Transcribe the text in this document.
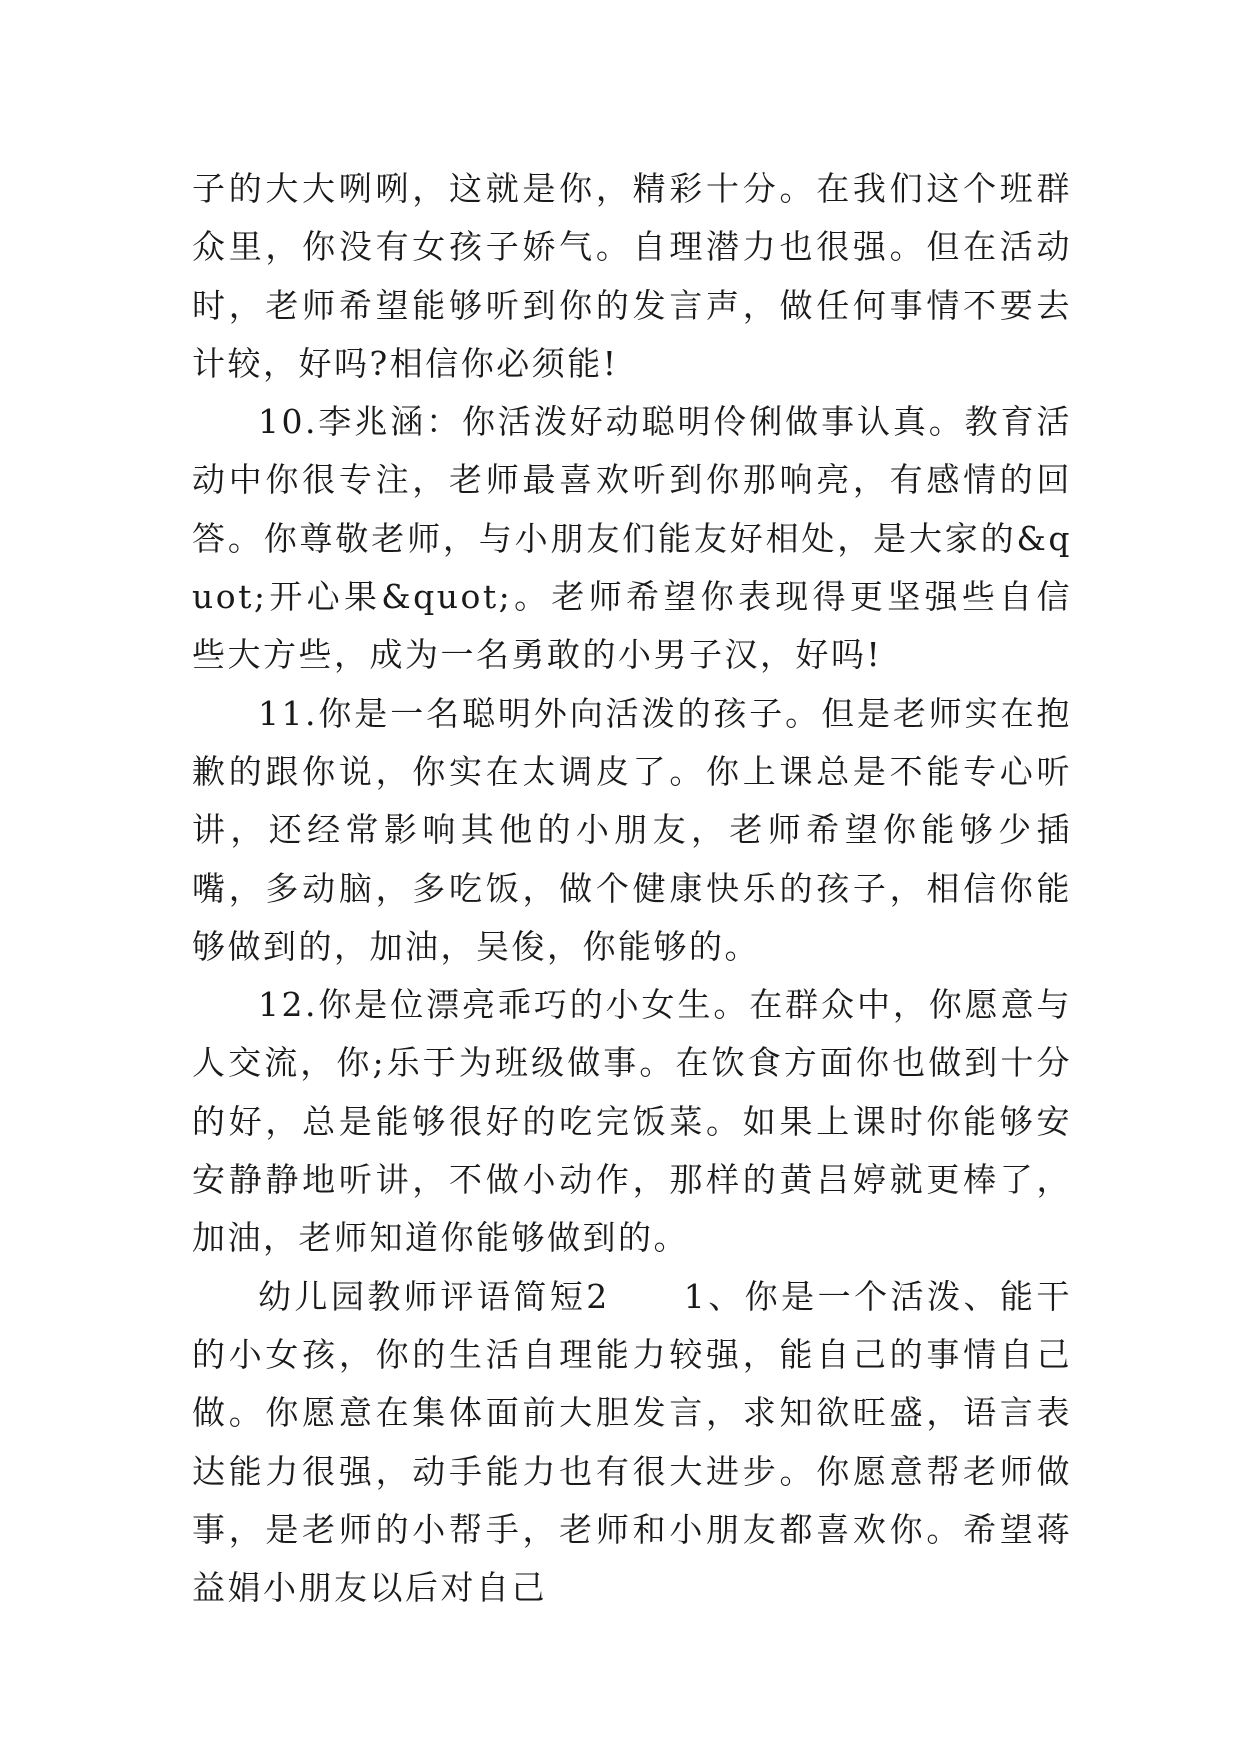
子的大大咧咧，这就是你，精彩十分。在我们这个班群众里，你没有女孩子娇气。自理潜力也很强。但在活动时，老师希望能够听到你的发言声，做任何事情不要去计较，好吗?相信你必须能!

10.李兆涵：你活泼好动聪明伶俐做事认真。教育活动中你很专注，老师最喜欢听到你那响亮，有感情的回答。你尊敬老师，与小朋友们能友好相处，是大家的&quot;开心果&quot;。老师希望你表现得更坚强些自信些大方些，成为一名勇敢的小男子汉，好吗!

11.你是一名聪明外向活泼的孩子。但是老师实在抱歉的跟你说，你实在太调皮了。你上课总是不能专心听讲，还经常影响其他的小朋友，老师希望你能够少插嘴，多动脑，多吃饭，做个健康快乐的孩子，相信你能够做到的，加油，吴俊，你能够的。

12.你是位漂亮乖巧的小女生。在群众中，你愿意与人交流，你;乐于为班级做事。在饮食方面你也做到十分的好，总是能够很好的吃完饭菜。如果上课时你能够安安静静地听讲，不做小动作，那样的黄吕婷就更棒了，加油，老师知道你能够做到的。

幼儿园教师评语简短2　　1、你是一个活泼、能干的小女孩，你的生活自理能力较强，能自己的事情自己做。你愿意在集体面前大胆发言，求知欲旺盛，语言表达能力很强，动手能力也有很大进步。你愿意帮老师做事，是老师的小帮手，老师和小朋友都喜欢你。希望蒋益娟小朋友以后对自己
